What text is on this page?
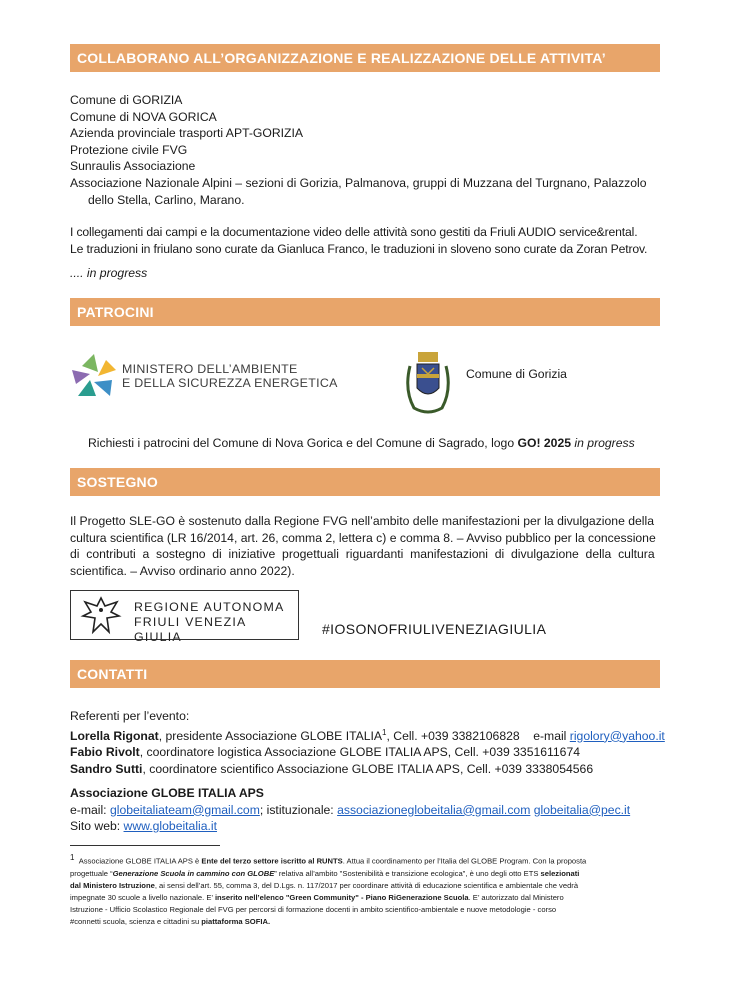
COLLABORANO ALL’ORGANIZZAZIONE E REALIZZAZIONE DELLE ATTIVITA’
Comune di GORIZIA
Comune di NOVA GORICA
Azienda provinciale trasporti APT-GORIZIA
Protezione civile FVG
Sunraulis Associazione
Associazione Nazionale Alpini – sezioni di Gorizia, Palmanova, gruppi di Muzzana del Turgnano, Palazzolo
dello Stella, Carlino, Marano.
I collegamenti dai campi e la documentazione video delle attività sono gestiti da Friuli AUDIO service&rental.
Le traduzioni in friulano sono curate da Gianluca Franco, le traduzioni in sloveno sono curate da Zoran Petrov.
.... in progress
PATROCINI
MINISTERO DELL’AMBIENTE
E DELLA SICUREZZA ENERGETICA
Comune di Gorizia
Richiesti i patrocini del Comune di Nova Gorica e del Comune di Sagrado, logo GO! 2025 in progress
SOSTEGNO
Il Progetto SLE-GO è sostenuto dalla Regione FVG nell’ambito delle manifestazioni per la divulgazione della
cultura scientifica (LR 16/2014, art. 26, comma 2, lettera c) e comma 8. – Avviso pubblico per la concessione
di  contributi  a  sostegno  di  iniziative  progettuali  riguardanti  manifestazioni  di  divulgazione  della  cultura
scientifica. – Avviso ordinario anno 2022).
REGIONE AUTONOMA
FRIULI VENEZIA GIULIA	#IOSONOFRIULIVENEZIAGIULIA
CONTATTI
Referenti per l’evento:
Lorella Rigonat, presidente Associazione GLOBE ITALIA$^1$, Cell. +039 3382106828    e-mail rigolory@yahoo.it
Fabio Rivolt, coordinatore logistica Associazione GLOBE ITALIA APS, Cell. +039 3351611674
Sandro Sutti, coordinatore scientifico Associazione GLOBE ITALIA APS, Cell. +039 3338054566
Associazione GLOBE ITALIA APS
e-mail: globeitaliateam@gmail.com; istituzionale: associazioneglobeitalia@gmail.com globeitalia@pec.it
Sito web: www.globeitalia.it
$^1$ Associazione GLOBE ITALIA APS è Ente del terzo settore iscritto al RUNTS. Attua il coordinamento per l’Italia del GLOBE Program. Con la proposta
progettuale “Generazione Scuola in cammino con GLOBE” relativa all’ambito "Sostenibilità e transizione ecologica", è uno degli otto ETS selezionati
dal Ministero Istruzione, ai sensi dell’art. 55, comma 3, del D.Lgs. n. 117/2017 per coordinare attività di educazione scientifica e ambientale che vedrà
impegnate 30 scuole a livello nazionale. E’ inserito nell’elenco "Green Community" - Piano RiGenerazione Scuola. E’ autorizzato dal Ministero
Istruzione - Ufficio Scolastico Regionale del FVG per percorsi di formazione docenti in ambito scientifico-ambientale e nuove metodologie - corso
#connetti scuola, scienza e cittadini su piattaforma SOFIA.
